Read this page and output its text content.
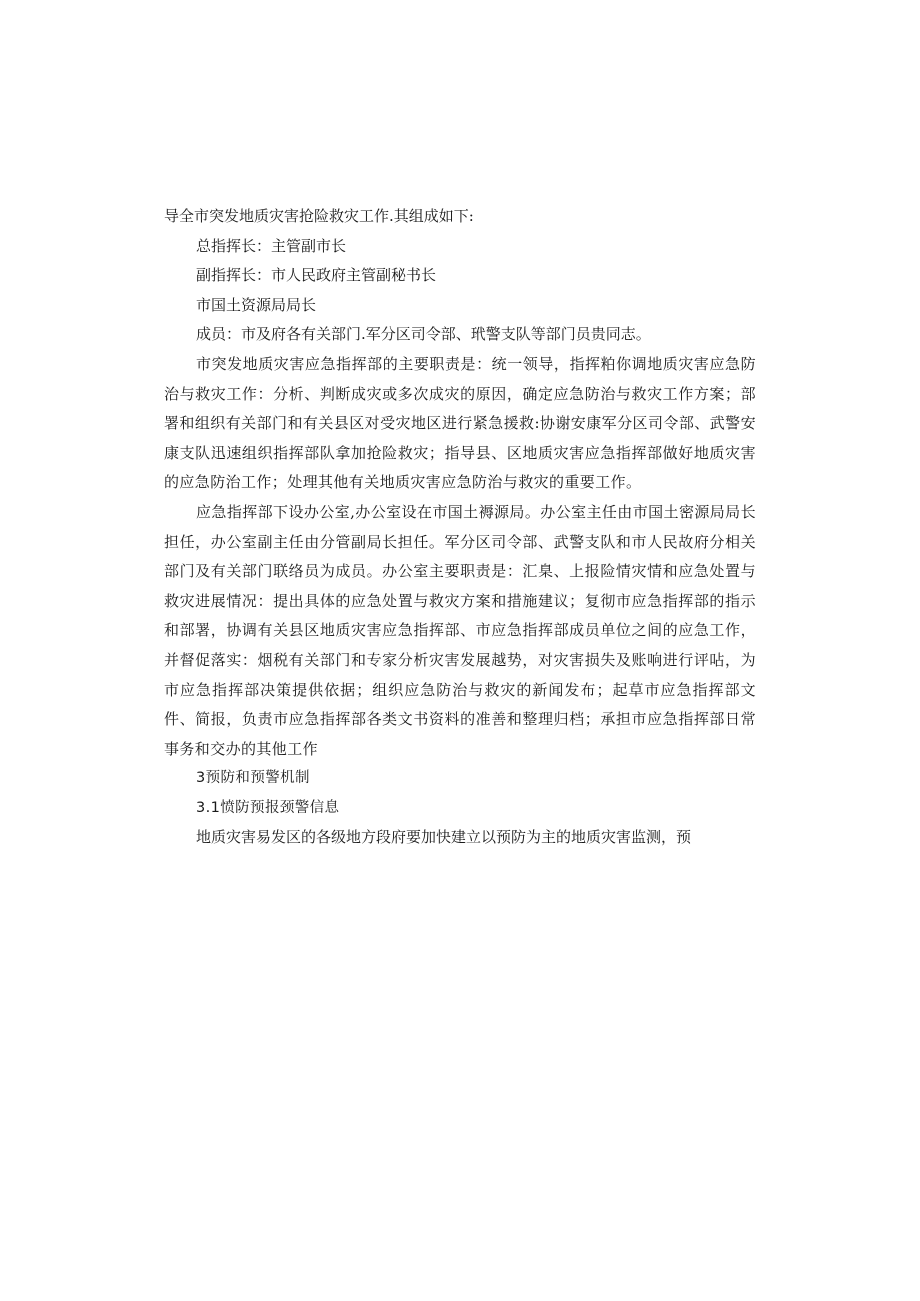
导全市突发地质灾害抢险救灾工作.其组成如下:

总指挥长：主管副市长

副指挥长：市人民政府主管副秘书长

市国土资源局局长

成员：市及府各有关部门.军分区司令部、玳警支队等部门员贵同志。

市突发地质灾害应急指挥部的主要职责是：统一领导，指挥粕你调地质灾害应急防治与救灾工作：分析、判断成灾或多次成灾的原因，确定应急防治与救灾工作方案；部署和组织有关部门和有关县区对受灾地区进行紧急援救:协谢安康军分区司令部、武警安康支队迅速组织指挥部队拿加抢险救灾；指导县、区地质灾害应急指挥部做好地质灾害的应急防治工作；处理其他有关地质灾害应急防治与救灾的重要工作。

应急指挥部下设办公室,办公室设在市国土褥源局。办公室主任由市国土密源局局长担任，办公室副主任由分管副局长担任。军分区司令部、武警支队和市人民故府分相关部门及有关部门联络员为成员。办公室主要职责是：汇臬、上报险情灾情和应急处置与救灾进展情况：提出具体的应急处置与救灾方案和措施建议；复彻市应急指挥部的指示和部署，协调有关县区地质灾害应急指挥部、市应急指挥部成员单位之间的应急工作，并督促落实：烟税有关部门和专家分析灾害发展越势，对灾害损失及账响进行评呫，为市应急指挥部决策提供依据；组织应急防治与救灾的新闻发布；起草市应急指挥部文件、简报，负责市应急指挥部各类文书资料的准善和整理归档；承担市应急指挥部日常事务和交办的其他工作

3预防和预警机制

3.1愤防预报颈警信息

地质灾害易发区的各级地方段府要加快建立以预防为主的地质灾害监测，预
